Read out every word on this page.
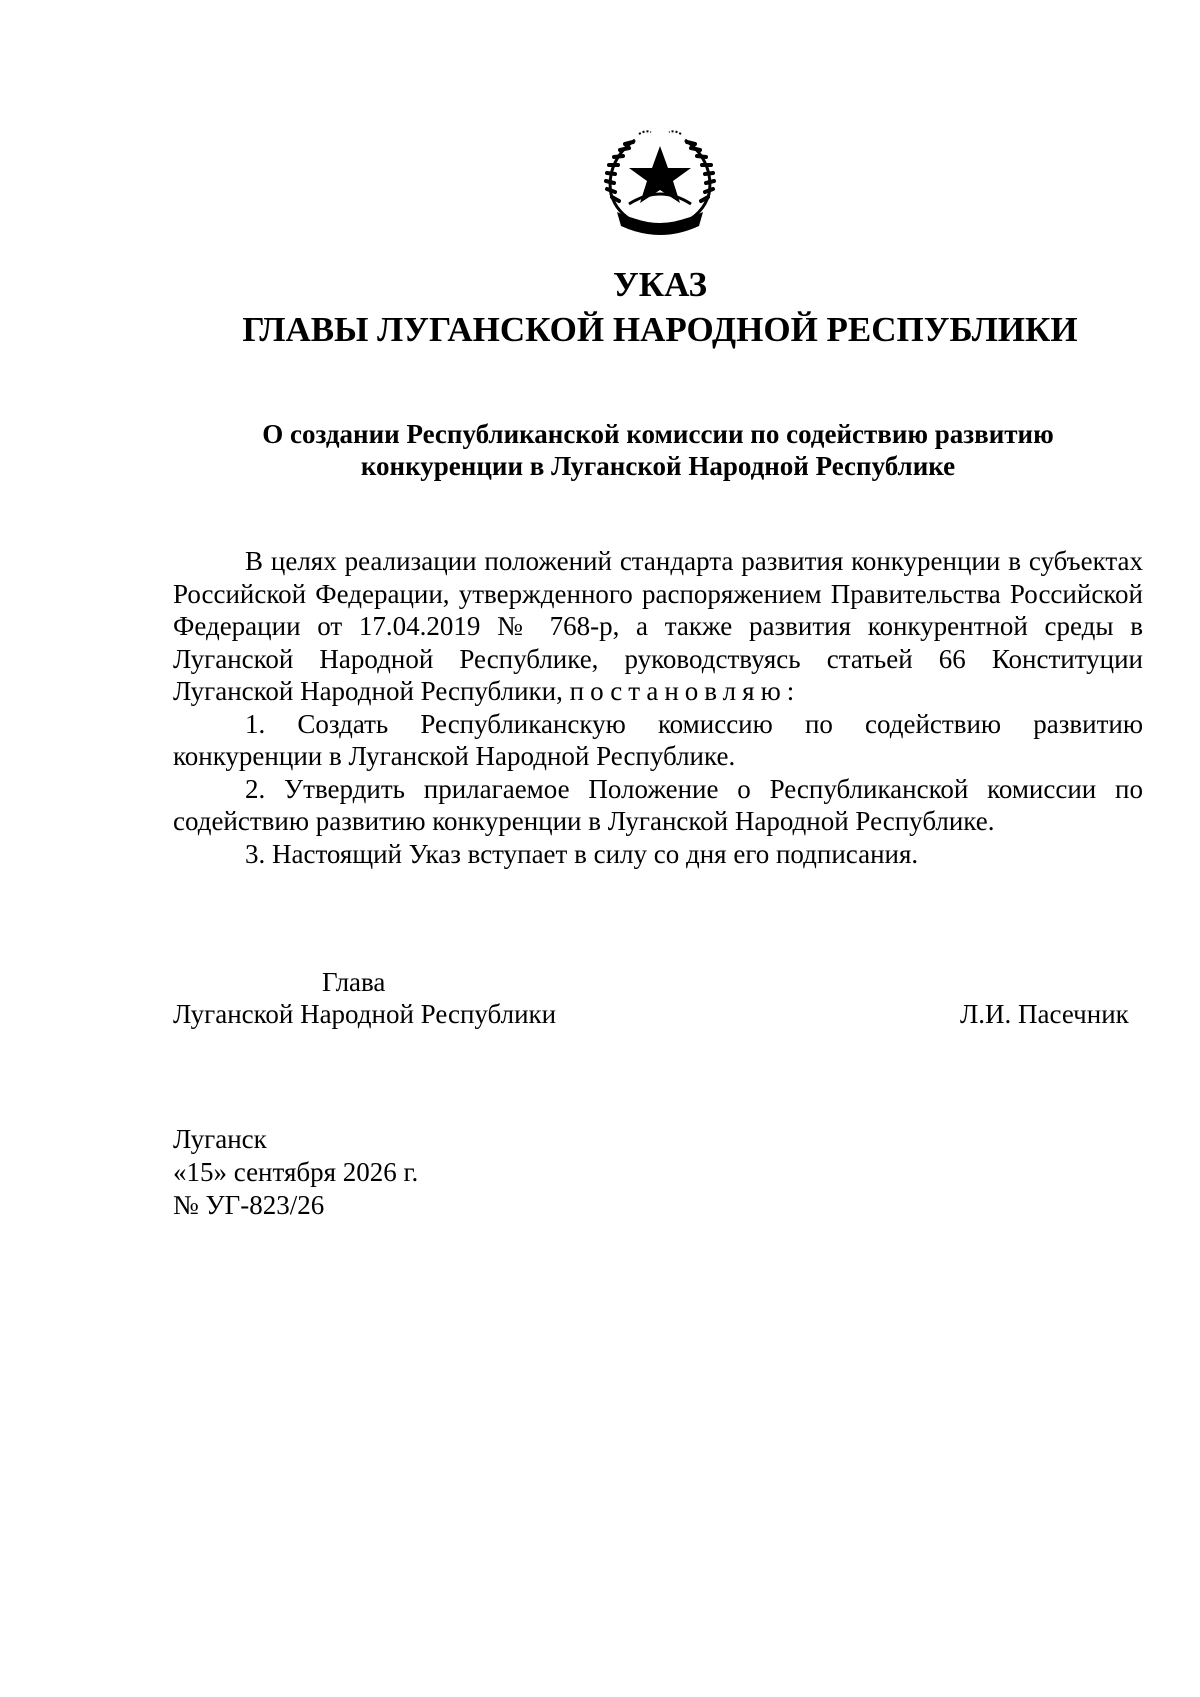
УКАЗ
ГЛАВЫ ЛУГАНСКОЙ НАРОДНОЙ РЕСПУБЛИКИ
О создании Республиканской комиссии по содействию развитию
конкуренции в Луганской Народной Республике

В целях реализации положений стандарта развития конкуренции в субъектах Российской Федерации, утвержденного распоряжением Правительства Российской Федерации от 17.04.2019 № 768-р, а также развития конкурентной среды в Луганской Народной Республике, руководствуясь статьей 66 Конституции Луганской Народной Республики, постановляю:

1. Создать Республиканскую комиссию по содействию развитию конкуренции в Луганской Народной Республике.

2. Утвердить прилагаемое Положение о Республиканской комиссии по содействию развитию конкуренции в Луганской Народной Республике.

3. Настоящий Указ вступает в силу со дня его подписания.

Глава
Луганской Народной Республики	Л.И. Пасечник
Луганск
«15» сентября 2026 г.
№ УГ-823/26
